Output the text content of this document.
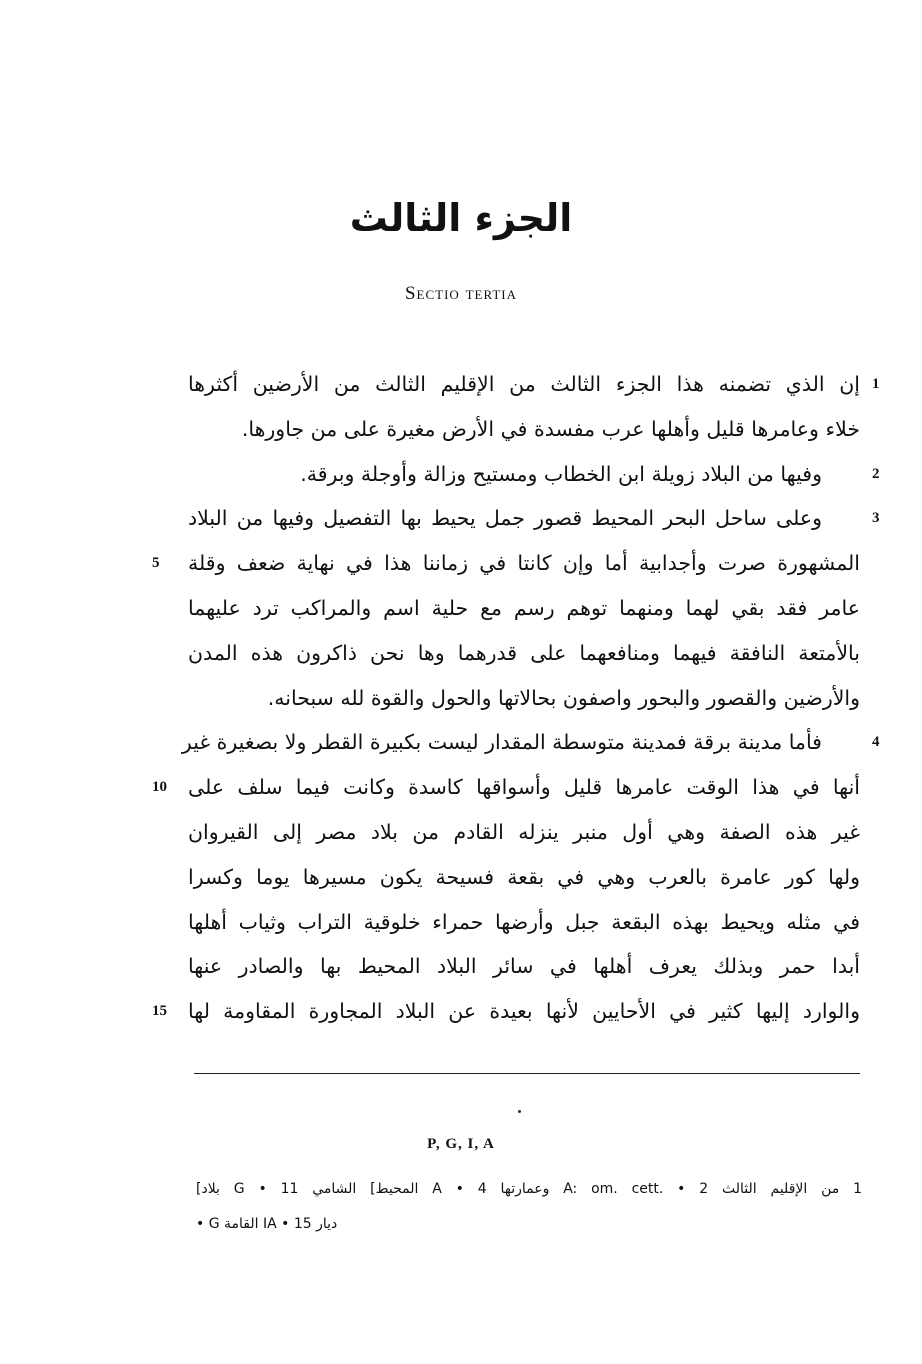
الجزء الثالث
Sectio tertia
إن الذي تضمنه هذا الجزء الثالث من الإقليم الثالث من الأرضين أكثرها
خلاء وعامرها قليل وأهلها عرب مفسدة في الأرض مغيرة على من جاورها.
وفيها من البلاد زويلة ابن الخطاب ومستيح وزالة وأوجلة وبرقة.
وعلى ساحل البحر المحيط قصور جمل يحيط بها التفصيل وفيها من البلاد
المشهورة صرت وأجدابية أما وإن كانتا في زماننا هذا في نهاية ضعف وقلة
عامر فقد بقي لهما ومنهما توهم رسم مع حلية اسم والمراكب ترد عليهما
بالأمتعة النافقة فيهما ومنافعهما على قدرهما وها نحن ذاكرون هذه المدن
والأرضين والقصور والبحور واصفون بحالاتها والحول والقوة لله سبحانه.
فأما مدينة برقة فمدينة متوسطة المقدار ليست بكبيرة القطر ولا بصغيرة غير
أنها في هذا الوقت عامرها قليل وأسواقها كاسدة وكانت فيما سلف على
غير هذه الصفة وهي أول منبر ينزله القادم من بلاد مصر إلى القيروان
ولها كور عامرة بالعرب وهي في بقعة فسيحة يكون مسيرها يوما وكسرا
في مثله ويحيط بهذه البقعة جبل وأرضها حمراء خلوقية التراب وثياب أهلها
أبدا حمر وبذلك يعرف أهلها في سائر البلاد المحيط بها والصادر عنها
والوارد إليها كثير في الأحايين لأنها بعيدة عن البلاد المجاورة المقاومة لها
1
2
3
4
5
10
15
P, G, I, A
1 من الإقليم الثالث A: om. cett. • 2 وعمارتها A • 4 المحيط] الشامي G • 11 بلاد]
ديار IA • 15 القامة G •
